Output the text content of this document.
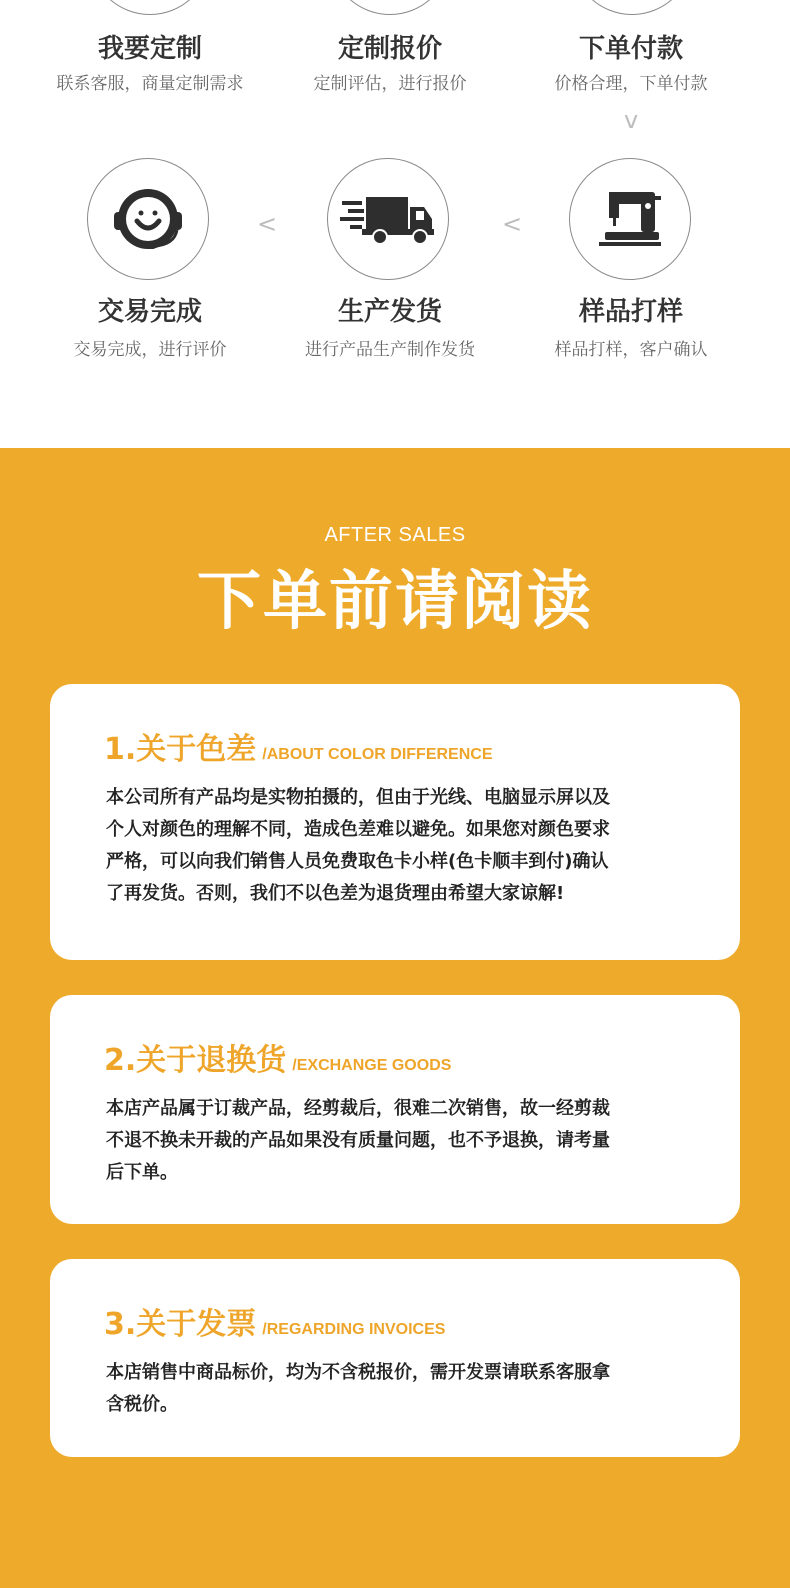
我要定制
联系客服，商量定制需求
定制报价
定制评估，进行报价
下单付款
价格合理，下单付款
v
<	<
交易完成
交易完成，进行评价
生产发货
进行产品生产制作发货
样品打样
样品打样，客户确认
AFTER SALES
下单前请阅读
1.关于色差 /ABOUT COLOR DIFFERENCE
本公司所有产品均是实物拍摄的，但由于光线、电脑显示屏以及
个人对颜色的理解不同，造成色差难以避免。如果您对颜色要求
严格，可以向我们销售人员免费取色卡小样(色卡顺丰到付)确认
了再发货。否则，我们不以色差为退货理由希望大家谅解!
2.关于退换货 /EXCHANGE GOODS
本店产品属于订裁产品，经剪裁后，很难二次销售，故一经剪裁
不退不换未开裁的产品如果没有质量问题，也不予退换，请考量
后下单。
3.关于发票 /REGARDING INVOICES
本店销售中商品标价，均为不含税报价，需开发票请联系客服拿
含税价。
